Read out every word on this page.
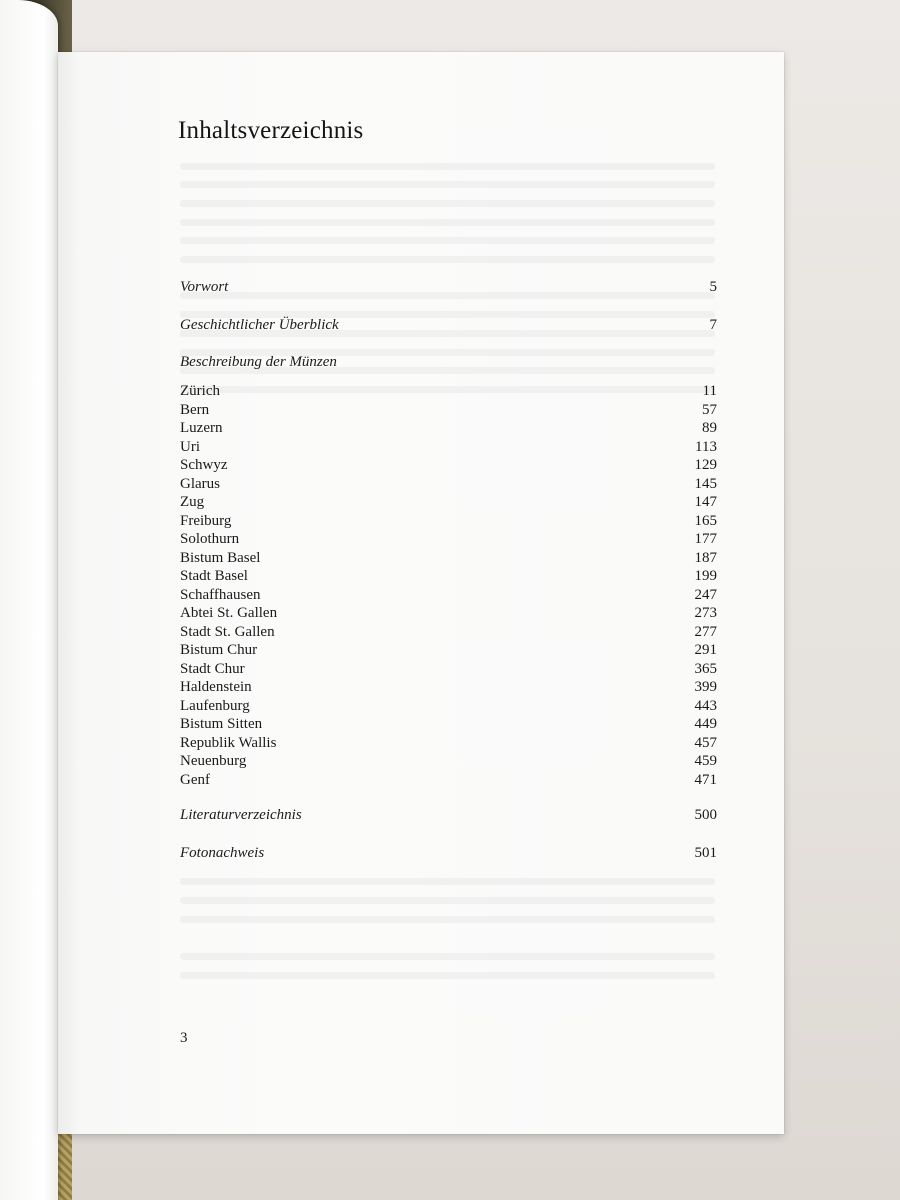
Inhaltsverzeichnis
Vorwort	5
Geschichtlicher Überblick	7
Beschreibung der Münzen
Zürich	11
Bern	57
Luzern	89
Uri	113
Schwyz	129
Glarus	145
Zug	147
Freiburg	165
Solothurn	177
Bistum Basel	187
Stadt Basel	199
Schaffhausen	247
Abtei St. Gallen	273
Stadt St. Gallen	277
Bistum Chur	291
Stadt Chur	365
Haldenstein	399
Laufenburg	443
Bistum Sitten	449
Republik Wallis	457
Neuenburg	459
Genf	471
Literaturverzeichnis	500
Fotonachweis	501
3
